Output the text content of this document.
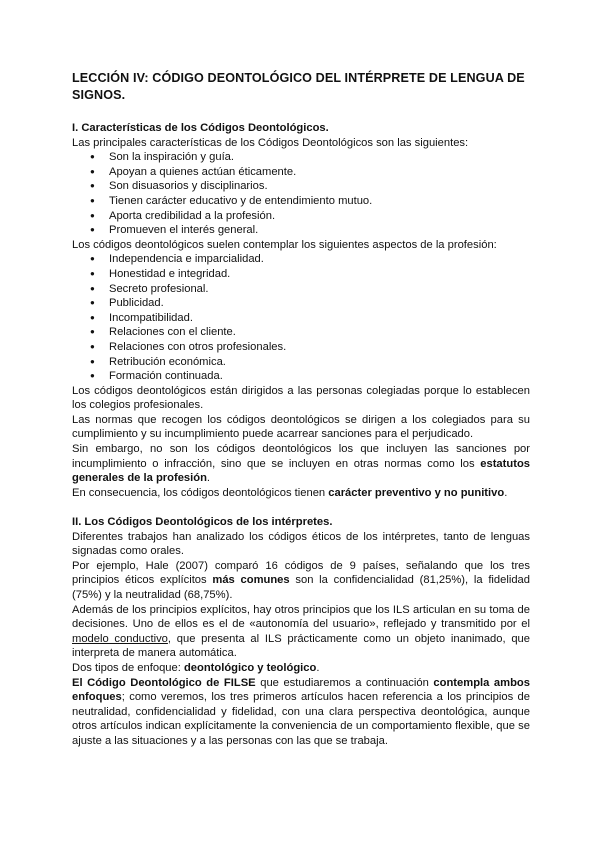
LECCIÓN IV: CÓDIGO DEONTOLÓGICO DEL INTÉRPRETE DE LENGUA DE SIGNOS.
I. Características de los Códigos Deontológicos.

Las principales características de los Códigos Deontológicos son las siguientes:

● Son la inspiración y guía.
● Apoyan a quienes actúan éticamente.
● Son disuasorios y disciplinarios.
● Tienen carácter educativo y de entendimiento mutuo.
● Aporta credibilidad a la profesión.
● Promueven el interés general.

Los códigos deontológicos suelen contemplar los siguientes aspectos de la profesión:

● Independencia e imparcialidad.
● Honestidad e integridad.
● Secreto profesional.
● Publicidad.
● Incompatibilidad.
● Relaciones con el cliente.
● Relaciones con otros profesionales.
● Retribución económica.
● Formación continuada.

Los códigos deontológicos están dirigidos a las personas colegiadas porque lo establecen los colegios profesionales.

Las normas que recogen los códigos deontológicos se dirigen a los colegiados para su cumplimiento y su incumplimiento puede acarrear sanciones para el perjudicado.

Sin embargo, no son los códigos deontológicos los que incluyen las sanciones por incumplimiento o infracción, sino que se incluyen en otras normas como los estatutos generales de la profesión.

En consecuencia, los códigos deontológicos tienen carácter preventivo y no punitivo.

II. Los Códigos Deontológicos de los intérpretes.

Diferentes trabajos han analizado los códigos éticos de los intérpretes, tanto de lenguas signadas como orales.

Por ejemplo, Hale (2007) comparó 16 códigos de 9 países, señalando que los tres principios éticos explícitos más comunes son la confidencialidad (81,25%), la fidelidad (75%) y la neutralidad (68,75%).

Además de los principios explícitos, hay otros principios que los ILS articulan en su toma de decisiones. Uno de ellos es el de «autonomía del usuario», reflejado y transmitido por el modelo conductivo, que presenta al ILS prácticamente como un objeto inanimado, que interpreta de manera automática.

Dos tipos de enfoque: deontológico y teológico.

El Código Deontológico de FILSE que estudiaremos a continuación contempla ambos enfoques; como veremos, los tres primeros artículos hacen referencia a los principios de neutralidad, confidencialidad y fidelidad, con una clara perspectiva deontológica, aunque otros artículos indican explícitamente la conveniencia de un comportamiento flexible, que se ajuste a las situaciones y a las personas con las que se trabaja.
